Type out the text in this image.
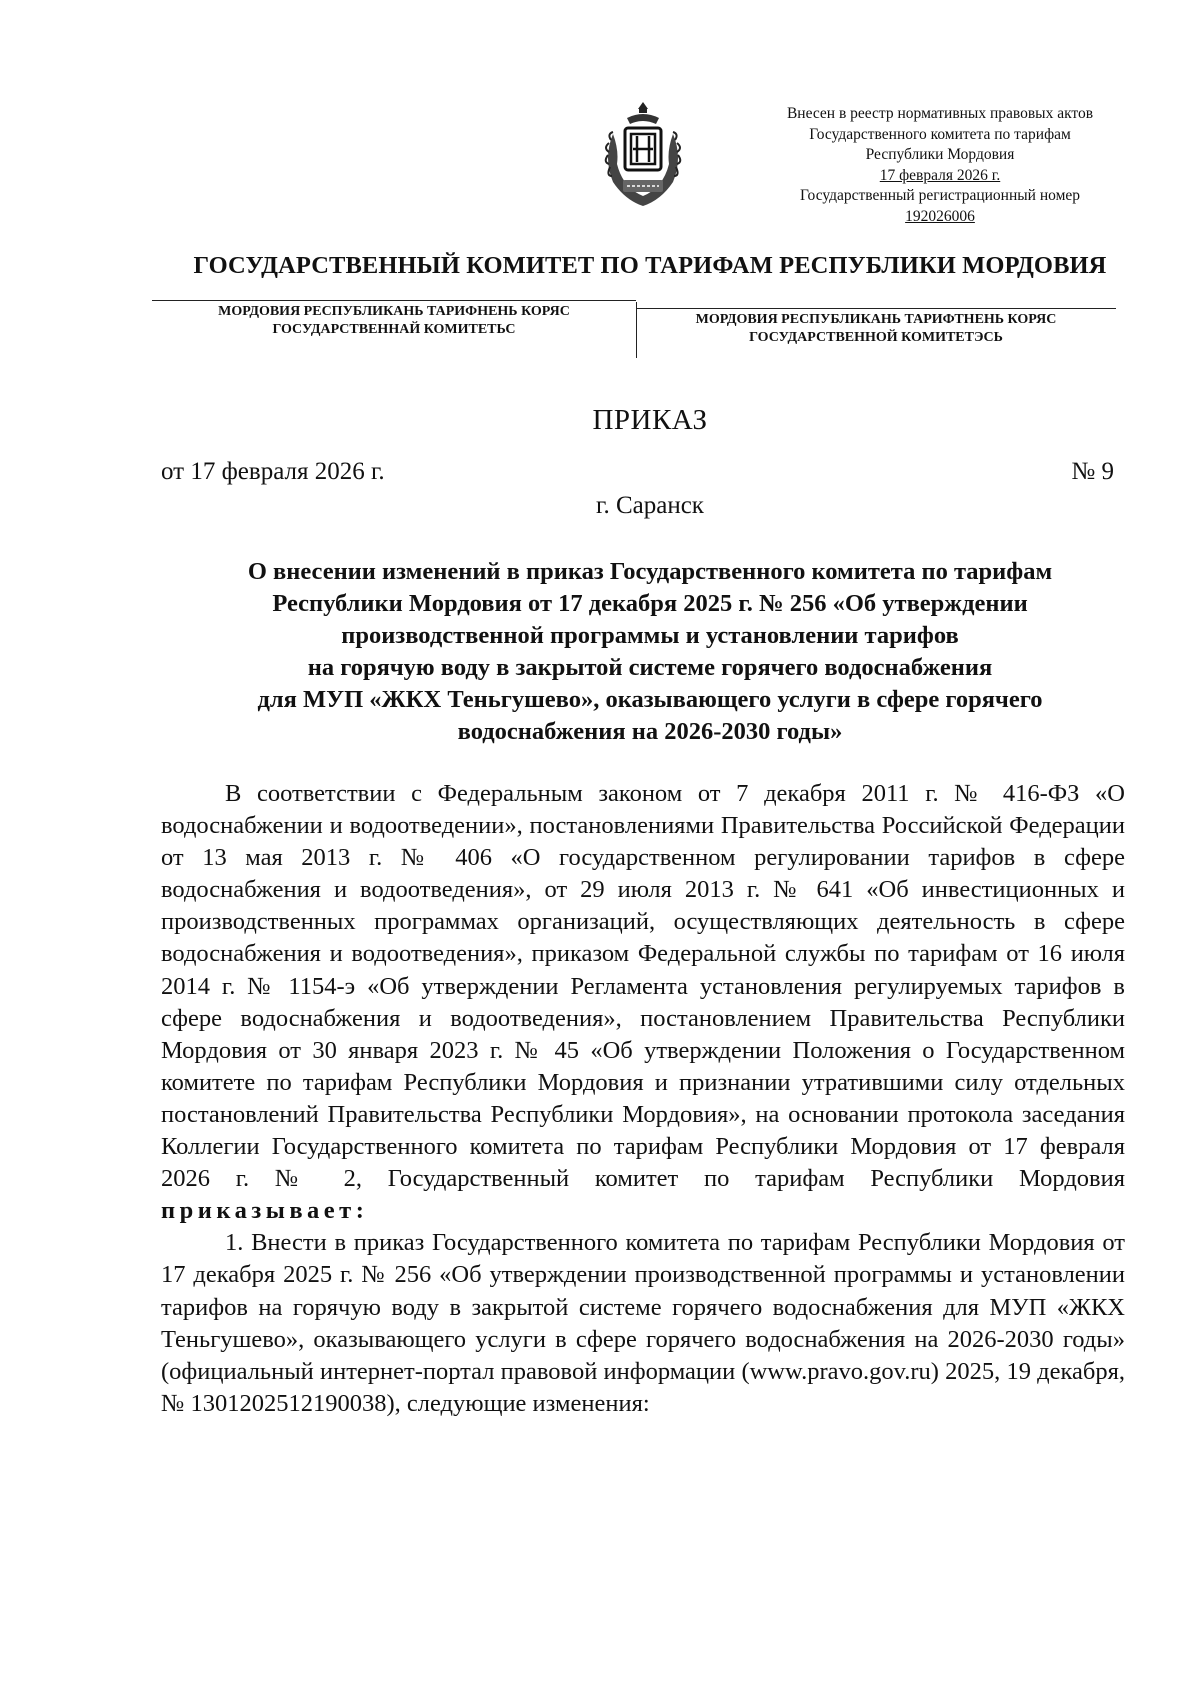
Внесен в реестр нормативных правовых актов
Государственного комитета по тарифам
Республики Мордовия
17 февраля 2026 г.
Государственный регистрационный номер
192026006
ГОСУДАРСТВЕННЫЙ КОМИТЕТ ПО ТАРИФАМ РЕСПУБЛИКИ МОРДОВИЯ
МОРДОВИЯ РЕСПУБЛИКАНЬ ТАРИФНЕНЬ КОРЯС
ГОСУДАРСТВЕННАЙ КОМИТЕТЬС
МОРДОВИЯ РЕСПУБЛИКАНЬ ТАРИФТНЕНЬ КОРЯС
ГОСУДАРСТВЕННОЙ КОМИТЕТЭСЬ
ПРИКАЗ
от 17 февраля 2026 г.	№ 9
г. Саранск
О внесении изменений в приказ Государственного комитета по тарифам
Республики Мордовия от 17 декабря 2025 г. № 256 «Об утверждении
производственной программы и установлении тарифов
на горячую воду в закрытой системе горячего водоснабжения
для МУП «ЖКХ Теньгушево», оказывающего услуги в сфере горячего
водоснабжения на 2026-2030 годы»

В соответствии с Федеральным законом от 7 декабря 2011 г. № 416-ФЗ «О водоснабжении и водоотведении», постановлениями Правительства Российской Федерации от 13 мая 2013 г. № 406 «О государственном регулировании тарифов в сфере водоснабжения и водоотведения», от 29 июля 2013 г. № 641 «Об инвестиционных и производственных программах организаций, осуществляющих деятельность в сфере водоснабжения и водоотведения», приказом Федеральной службы по тарифам от 16 июля 2014 г. № 1154-э «Об утверждении Регламента установления регулируемых тарифов в сфере водоснабжения и водоотведения», постановлением Правительства Республики Мордовия от 30 января 2023 г. № 45 «Об утверждении Положения о Государственном комитете по тарифам Республики Мордовия и признании утратившими силу отдельных постановлений Правительства Республики Мордовия», на основании протокола заседания Коллегии Государственного комитета по тарифам Республики Мордовия от 17 февраля 2026 г. № 2, Государственный комитет по тарифам Республики Мордовия приказывает:

1. Внести в приказ Государственного комитета по тарифам Республики Мордовия от 17 декабря 2025 г. № 256 «Об утверждении производственной программы и установлении тарифов на горячую воду в закрытой системе горячего водоснабжения для МУП «ЖКХ Теньгушево», оказывающего услуги в сфере горячего водоснабжения на 2026-2030 годы» (официальный интернет-портал правовой информации (www.pravo.gov.ru) 2025, 19 декабря, № 1301202512190038), следующие изменения:
